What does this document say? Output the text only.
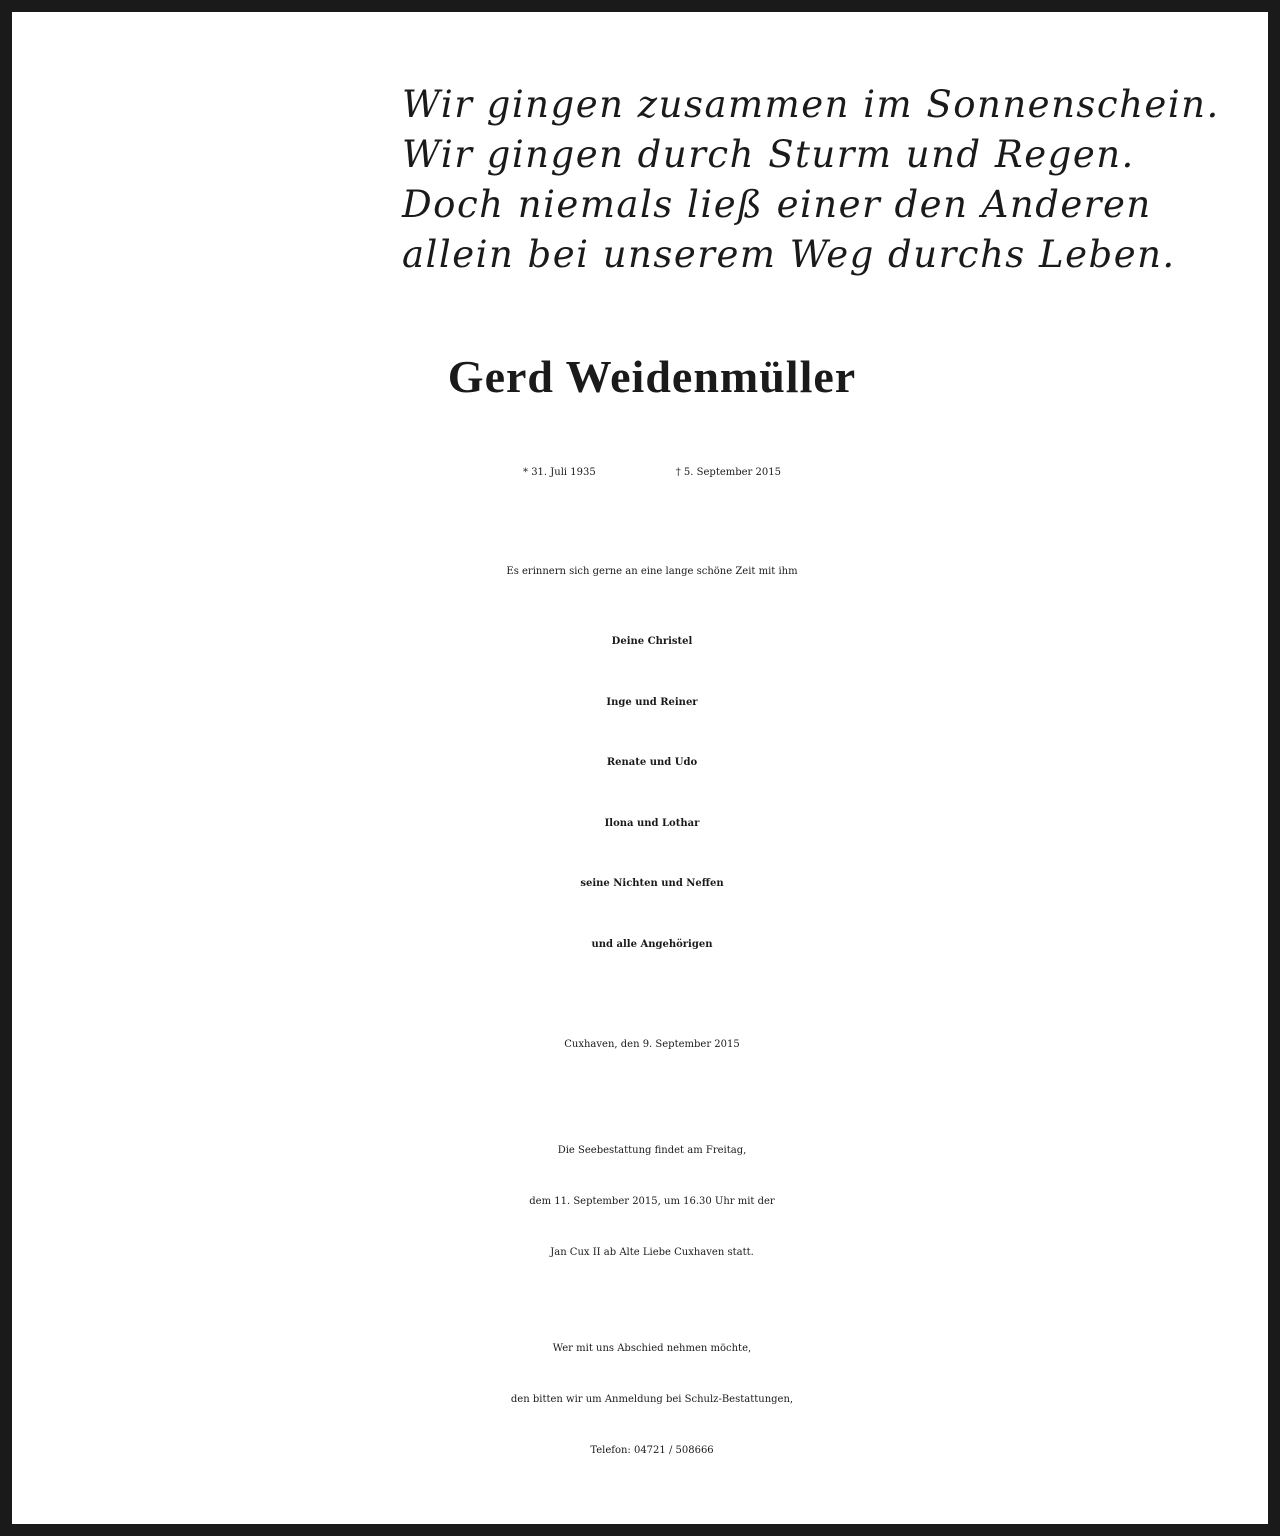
Wir gingen zusammen im Sonnenschein.
Wir gingen durch Sturm und Regen.
Doch niemals ließ einer den Anderen
allein bei unserem Weg durchs Leben.
Gerd Weidenmüller
* 31. Juli 1935	† 5. September 2015
Es erinnern sich gerne an eine lange schöne Zeit mit ihm
Deine Christel
Inge und Reiner
Renate und Udo
Ilona und Lothar
seine Nichten und Neffen
und alle Angehörigen
Cuxhaven, den 9. September 2015
Die Seebestattung findet am Freitag,
dem 11. September 2015, um 16.30 Uhr mit der
Jan Cux II ab Alte Liebe Cuxhaven statt.
Wer mit uns Abschied nehmen möchte,
den bitten wir um Anmeldung bei Schulz-Bestattungen,
Telefon: 04721 / 508666
